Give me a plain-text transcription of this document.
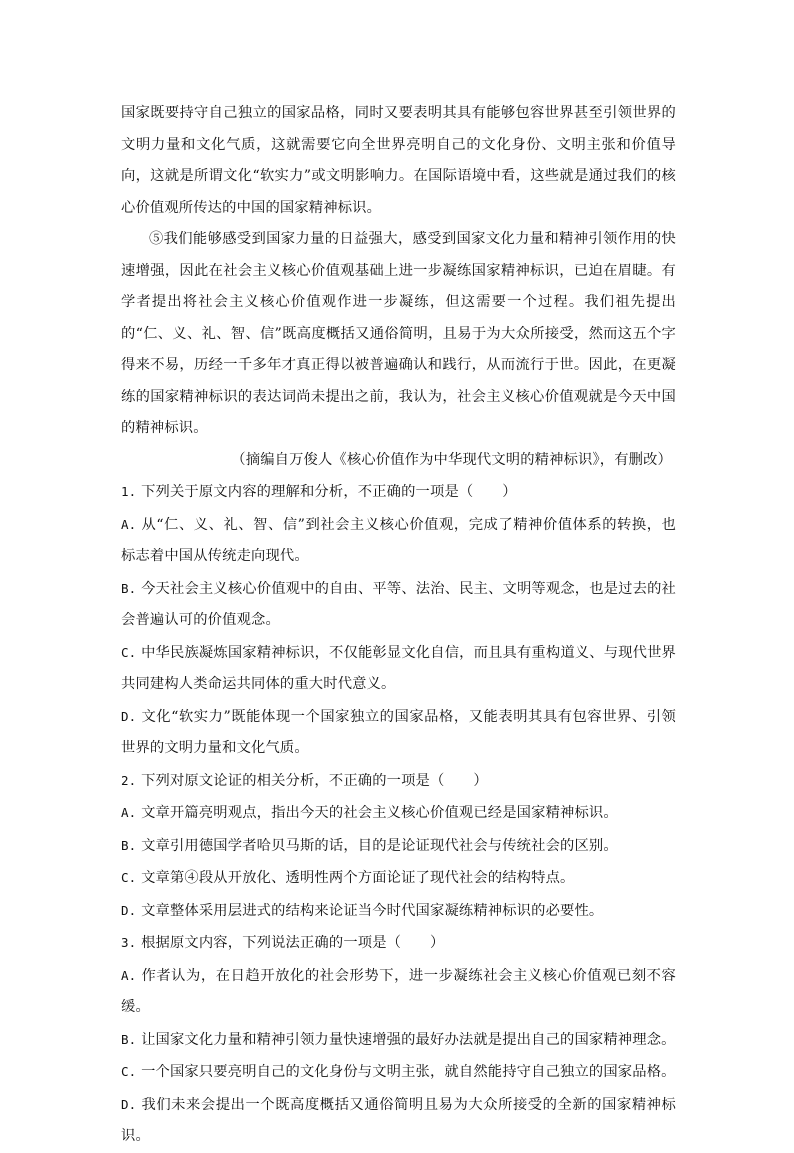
国家既要持守自己独立的国家品格，同时又要表明其具有能够包容世界甚至引领世界的文明力量和文化气质，这就需要它向全世界亮明自己的文化身份、文明主张和价值导向，这就是所谓文化“软实力”或文明影响力。在国际语境中看，这些就是通过我们的核心价值观所传达的中国的国家精神标识。

⑤我们能够感受到国家力量的日益强大，感受到国家文化力量和精神引领作用的快速增强，因此在社会主义核心价值观基础上进一步凝练国家精神标识，已迫在眉睫。有学者提出将社会主义核心价值观作进一步凝练，但这需要一个过程。我们祖先提出的“仁、义、礼、智、信”既高度概括又通俗简明，且易于为大众所接受，然而这五个字得来不易，历经一千多年才真正得以被普遍确认和践行，从而流行于世。因此，在更凝练的国家精神标识的表达词尚未提出之前，我认为，社会主义核心价值观就是今天中国的精神标识。

（摘编自万俊人《核心价值作为中华现代文明的精神标识》，有删改）

1. 下列关于原文内容的理解和分析，不正确的一项是（　　）

A. 从“仁、义、礼、智、信”到社会主义核心价值观，完成了精神价值体系的转换，也标志着中国从传统走向现代。

B. 今天社会主义核心价值观中的自由、平等、法治、民主、文明等观念，也是过去的社会普遍认可的价值观念。

C. 中华民族凝炼国家精神标识，不仅能彰显文化自信，而且具有重构道义、与现代世界共同建构人类命运共同体的重大时代意义。

D. 文化“软实力”既能体现一个国家独立的国家品格，又能表明其具有包容世界、引领世界的文明力量和文化气质。

2. 下列对原文论证的相关分析，不正确的一项是（　　）

A. 文章开篇亮明观点，指出今天的社会主义核心价值观已经是国家精神标识。

B. 文章引用德国学者哈贝马斯的话，目的是论证现代社会与传统社会的区别。

C. 文章第④段从开放化、透明性两个方面论证了现代社会的结构特点。

D. 文章整体采用层进式的结构来论证当今时代国家凝练精神标识的必要性。

3. 根据原文内容，下列说法正确的一项是（　　）

A. 作者认为，在日趋开放化的社会形势下，进一步凝练社会主义核心价值观已刻不容缓。

B. 让国家文化力量和精神引领力量快速增强的最好办法就是提出自己的国家精神理念。

C. 一个国家只要亮明自己的文化身份与文明主张，就自然能持守自己独立的国家品格。

D. 我们未来会提出一个既高度概括又通俗简明且易为大众所接受的全新的国家精神标识。
